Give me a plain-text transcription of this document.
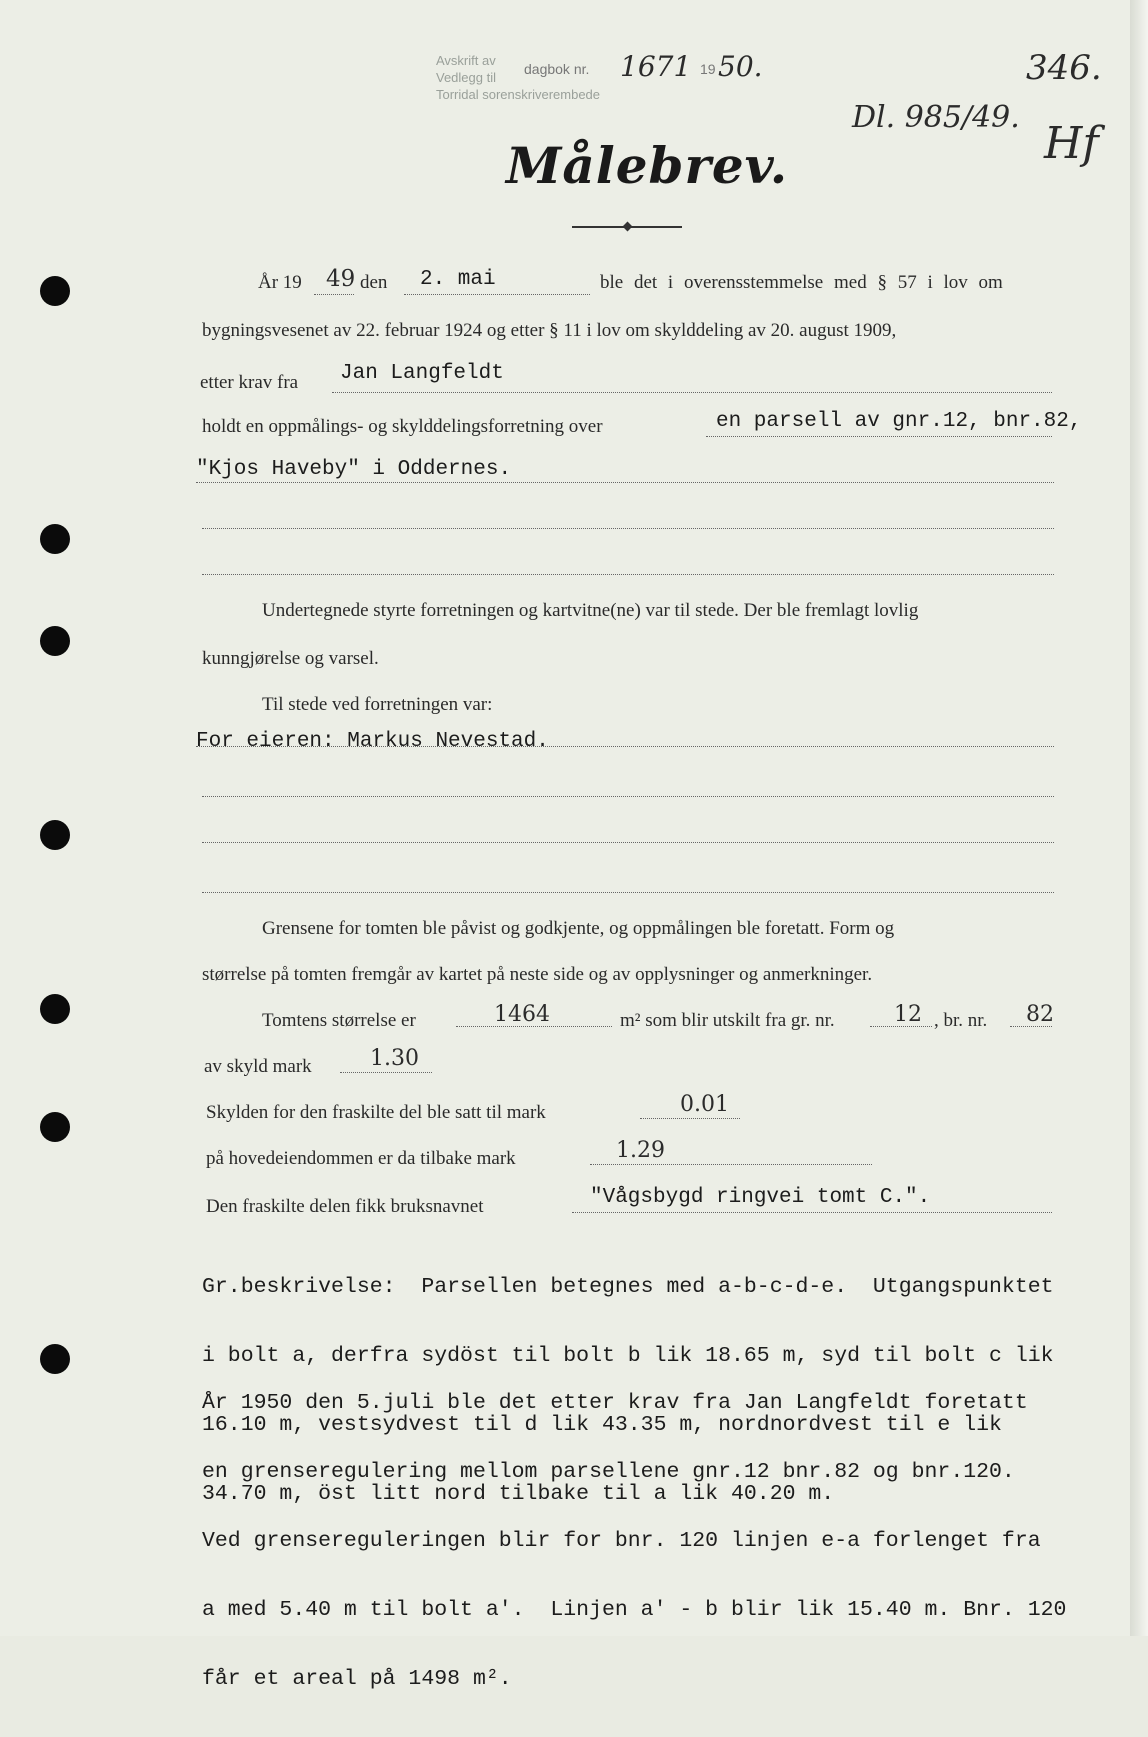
Avskrift av
Vedlegg til
Torridal sorenskriverembede
dagbok nr. 1671 19 50.	346.
Dl. 985/49.
Hf
Målebrev.
År 19 49 den 2. mai	ble det i overensstemmelse med § 57 i lov om
bygningsvesenet av 22. februar 1924 og etter § 11 i lov om skylddeling av 20. august 1909,
etter krav fra Jan Langfeldt
holdt en oppmålings- og skylddelingsforretning over	en parsell av gnr.12, bnr.82,
"Kjos Haveby" i Oddernes.
Undertegnede styrte forretningen og kartvitne(ne) var til stede. Der ble fremlagt lovlig
kunngjørelse og varsel.
Til stede ved forretningen var:
For eieren: Markus Nevestad.
Grensene for tomten ble påvist og godkjente, og oppmålingen ble foretatt. Form og
størrelse på tomten fremgår av kartet på neste side og av opplysninger og anmerkninger.
Tomtens størrelse er	1464	m² som blir utskilt fra gr. nr.	12 , br. nr. 82
av skyld mark	1.30
Skylden for den fraskilte del ble satt til mark	0.01
på hovedeiendommen er da tilbake mark	1.29
Den fraskilte delen fikk bruksnavnet	"Vågsbygd ringvei tomt C.".

Gr.beskrivelse:  Parsellen betegnes med a-b-c-d-e.  Utgangspunktet

i bolt a, derfra sydöst til bolt b lik 18.65 m, syd til bolt c lik

16.10 m, vestsydvest til d lik 43.35 m, nordnordvest til e lik

34.70 m, öst litt nord tilbake til a lik 40.20 m.

År 1950 den 5.juli ble det etter krav fra Jan Langfeldt foretatt

en grenseregulering mellom parsellene gnr.12 bnr.82 og bnr.120.

Ved grensereguleringen blir for bnr. 120 linjen e-a forlenget fra

a med 5.40 m til bolt a'.  Linjen a' - b blir lik 15.40 m. Bnr. 120

får et areal på 1498 m².
